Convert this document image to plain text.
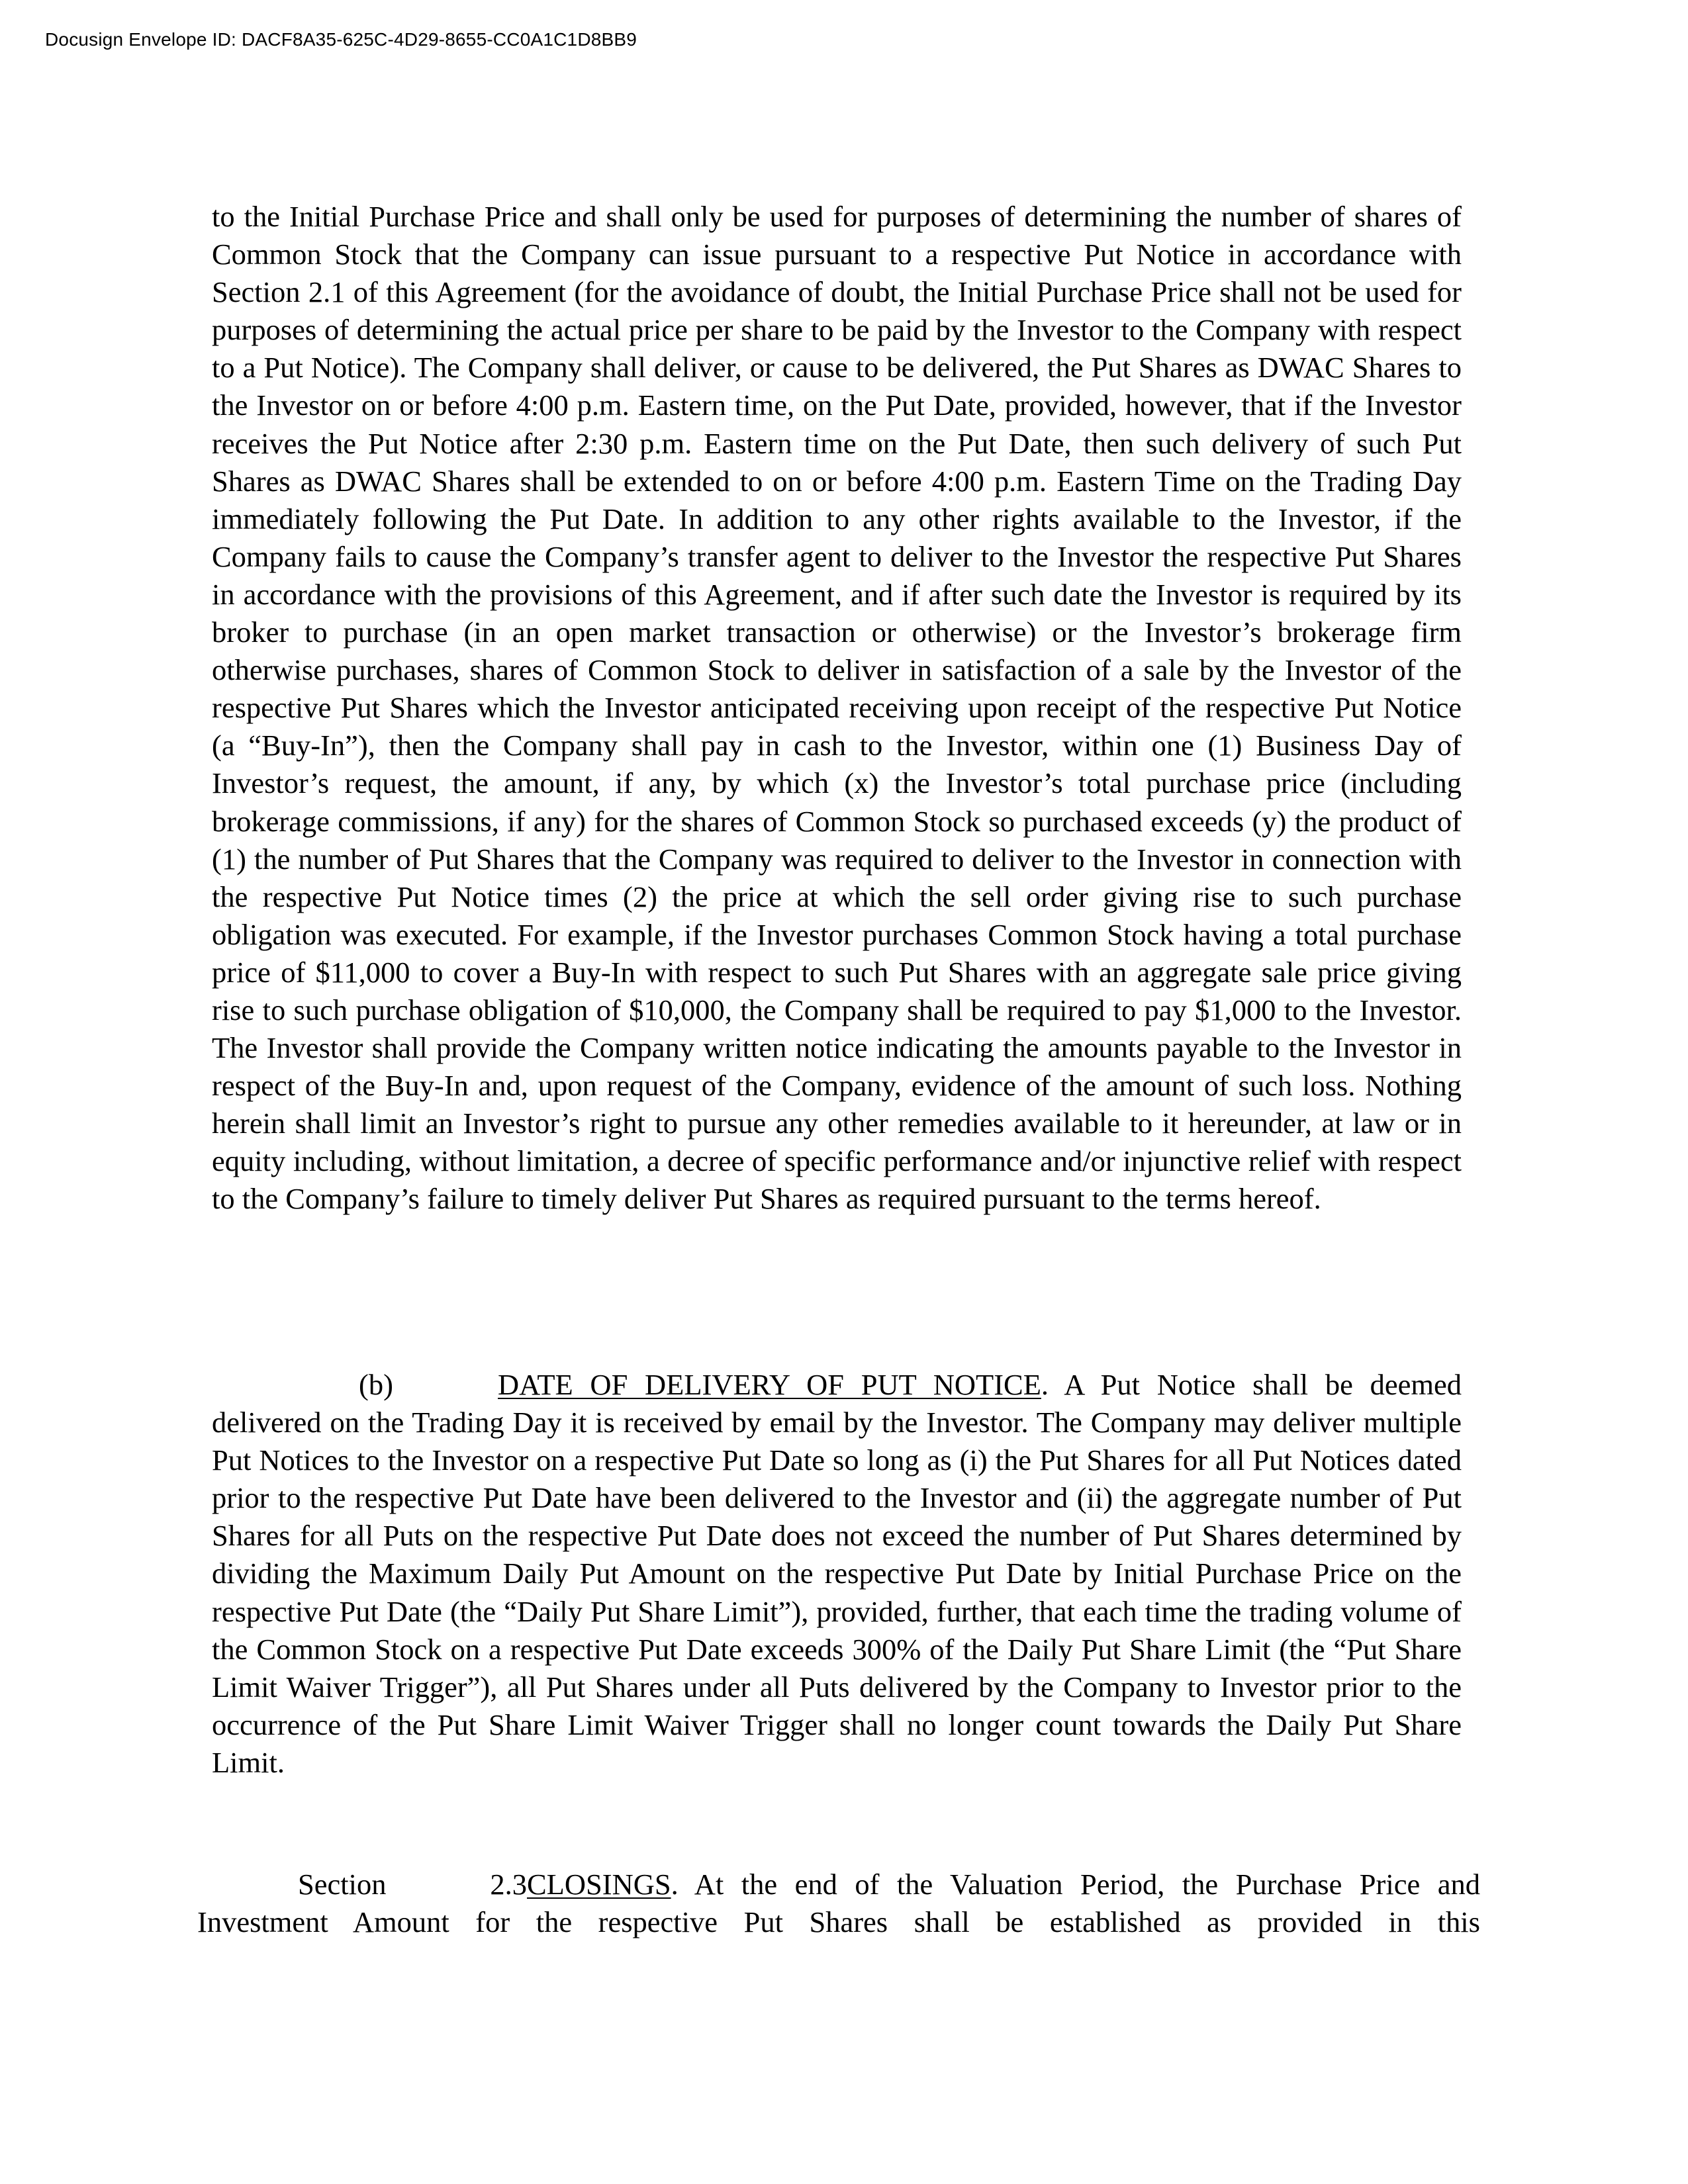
Docusign Envelope ID: DACF8A35-625C-4D29-8655-CC0A1C1D8BB9
to the Initial Purchase Price and shall only be used for purposes of determining the number of shares of Common Stock that the Company can issue pursuant to a respective Put Notice in accordance with Section 2.1 of this Agreement (for the avoidance of doubt, the Initial Purchase Price shall not be used for purposes of determining the actual price per share to be paid by the Investor to the Company with respect to a Put Notice). The Company shall deliver, or cause to be delivered, the Put Shares as DWAC Shares to the Investor on or before 4:00 p.m. Eastern time, on the Put Date, provided, however, that if the Investor receives the Put Notice after 2:30 p.m. Eastern time on the Put Date, then such delivery of such Put Shares as DWAC Shares shall be extended to on or before 4:00 p.m. Eastern Time on the Trading Day immediately following the Put Date. In addition to any other rights available to the Investor, if the Company fails to cause the Company’s transfer agent to deliver to the Investor the respective Put Shares in accordance with the provisions of this Agreement, and if after such date the Investor is required by its broker to purchase (in an open market transaction or otherwise) or the Investor’s brokerage firm otherwise purchases, shares of Common Stock to deliver in satisfaction of a sale by the Investor of the respective Put Shares which the Investor anticipated receiving upon receipt of the respective Put Notice (a “Buy-In”), then the Company shall pay in cash to the Investor, within one (1) Business Day of Investor’s request, the amount, if any, by which (x) the Investor’s total purchase price (including brokerage commissions, if any) for the shares of Common Stock so purchased exceeds (y) the product of (1) the number of Put Shares that the Company was required to deliver to the Investor in connection with the respective Put Notice times (2) the price at which the sell order giving rise to such purchase obligation was executed. For example, if the Investor purchases Common Stock having a total purchase price of $11,000 to cover a Buy-In with respect to such Put Shares with an aggregate sale price giving rise to such purchase obligation of $10,000, the Company shall be required to pay $1,000 to the Investor. The Investor shall provide the Company written notice indicating the amounts payable to the Investor in respect of the Buy-In and, upon request of the Company, evidence of the amount of such loss. Nothing herein shall limit an Investor’s right to pursue any other remedies available to it hereunder, at law or in equity including, without limitation, a decree of specific performance and/or injunctive relief with respect to the Company’s failure to timely deliver Put Shares as required pursuant to the terms hereof.
(b)	DATE OF DELIVERY OF PUT NOTICE. A Put Notice shall be deemed delivered on the Trading Day it is received by email by the Investor. The Company may deliver multiple Put Notices to the Investor on a respective Put Date so long as (i) the Put Shares for all Put Notices dated prior to the respective Put Date have been delivered to the Investor and (ii) the aggregate number of Put Shares for all Puts on the respective Put Date does not exceed the number of Put Shares determined by dividing the Maximum Daily Put Amount on the respective Put Date by Initial Purchase Price on the respective Put Date (the “Daily Put Share Limit”), provided, further, that each time the trading volume of the Common Stock on a respective Put Date exceeds 300% of the Daily Put Share Limit (the “Put Share Limit Waiver Trigger”), all Put Shares under all Puts delivered by the Company to Investor prior to the occurrence of the Put Share Limit Waiver Trigger shall no longer count towards the Daily Put Share Limit.
Section 2.3CLOSINGS. At the end of the Valuation Period, the Purchase Price and Investment Amount for the respective Put Shares shall be established as provided in this
